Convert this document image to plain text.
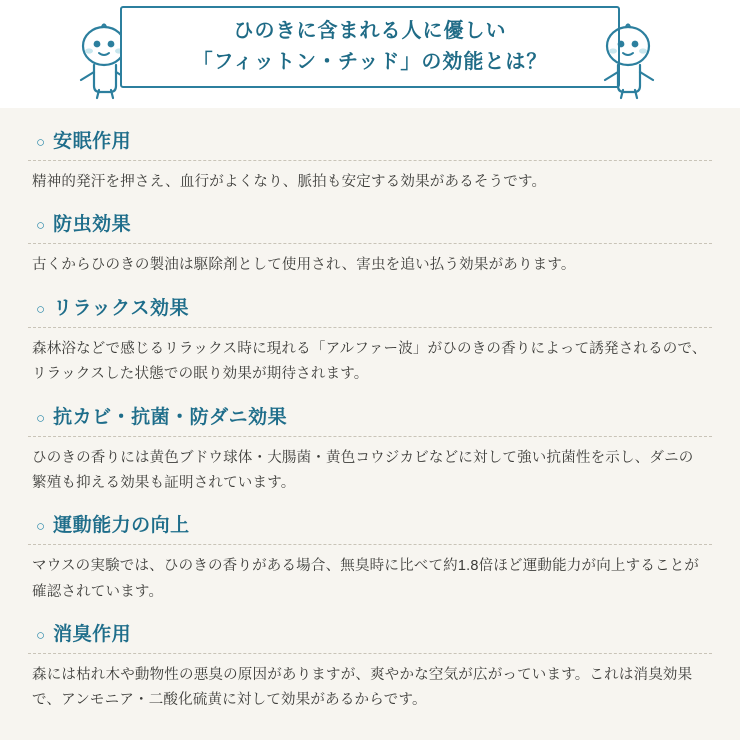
ひのきに含まれる人に優しい
「フィットン・チッド」の効能とは？
○ 安眠作用
精神的発汗を押さえ、血行がよくなり、脈拍も安定する効果があるそうです。
○ 防虫効果
古くからひのきの製油は駆除剤として使用され、害虫を追い払う効果があります。
○ リラックス効果
森林浴などで感じるリラックス時に現れる「アルファー波」がひのきの香りによって誘発されるので、リラックスした状態での眠り効果が期待されます。
○ 抗カビ・抗菌・防ダニ効果
ひのきの香りには黄色ブドウ球体・大腸菌・黄色コウジカビなどに対して強い抗菌性を示し、ダニの繁殖も抑える効果も証明されています。
○ 運動能力の向上
マウスの実験では、ひのきの香りがある場合、無臭時に比べて約1.8倍ほど運動能力が向上することが確認されています。
○ 消臭作用
森には枯れ木や動物性の悪臭の原因がありますが、爽やかな空気が広がっています。これは消臭効果で、アンモニア・二酸化硫黄に対して効果があるからです。
